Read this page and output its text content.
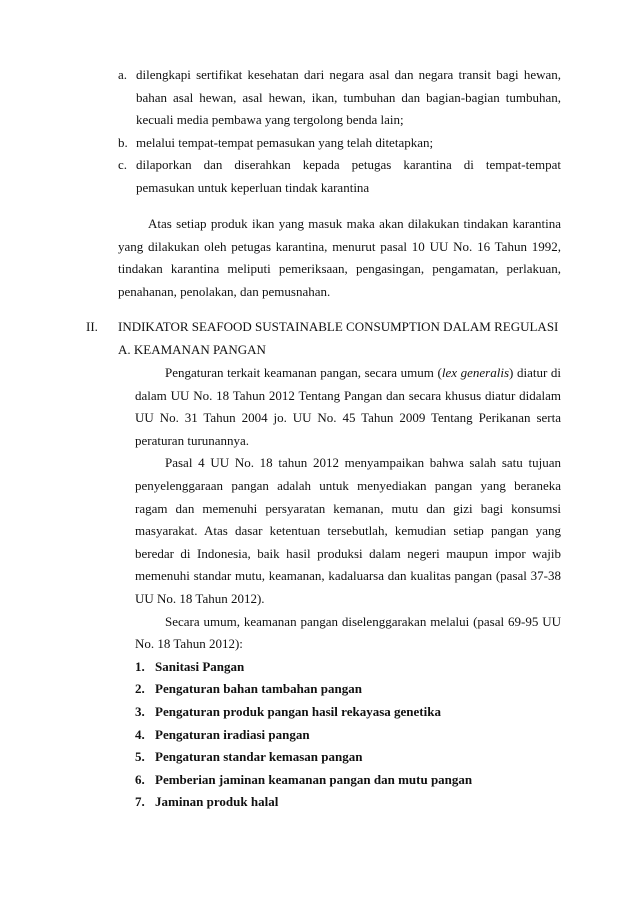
a. dilengkapi sertifikat kesehatan dari negara asal dan negara transit bagi hewan, bahan asal hewan, asal hewan, ikan, tumbuhan dan bagian-bagian tumbuhan, kecuali media pembawa yang tergolong benda lain;
b. melalui tempat-tempat pemasukan yang telah ditetapkan;
c. dilaporkan dan diserahkan kepada petugas karantina di tempat-tempat pemasukan untuk keperluan tindak karantina
Atas setiap produk ikan yang masuk maka akan dilakukan tindakan karantina yang dilakukan oleh petugas karantina, menurut pasal 10 UU No. 16 Tahun 1992, tindakan karantina meliputi pemeriksaan, pengasingan, pengamatan, perlakuan, penahanan, penolakan, dan pemusnahan.
II. INDIKATOR SEAFOOD SUSTAINABLE CONSUMPTION DALAM REGULASI
A. KEAMANAN PANGAN
Pengaturan terkait keamanan pangan, secara umum (lex generalis) diatur di dalam UU No. 18 Tahun 2012 Tentang Pangan dan secara khusus diatur didalam UU No. 31 Tahun 2004 jo. UU No. 45 Tahun 2009 Tentang Perikanan serta peraturan turunannya.
Pasal 4 UU No. 18 tahun 2012 menyampaikan bahwa salah satu tujuan penyelenggaraan pangan adalah untuk menyediakan pangan yang beraneka ragam dan memenuhi persyaratan kemanan, mutu dan gizi bagi konsumsi masyarakat. Atas dasar ketentuan tersebutlah, kemudian setiap pangan yang beredar di Indonesia, baik hasil produksi dalam negeri maupun impor wajib memenuhi standar mutu, keamanan, kadaluarsa dan kualitas pangan (pasal 37-38 UU No. 18 Tahun 2012).
Secara umum, keamanan pangan diselenggarakan melalui (pasal 69-95 UU No. 18 Tahun 2012):
1. Sanitasi Pangan
2. Pengaturan bahan tambahan pangan
3. Pengaturan produk pangan hasil rekayasa genetika
4. Pengaturan iradiasi pangan
5. Pengaturan standar kemasan pangan
6. Pemberian jaminan keamanan pangan dan mutu pangan
7. Jaminan produk halal
